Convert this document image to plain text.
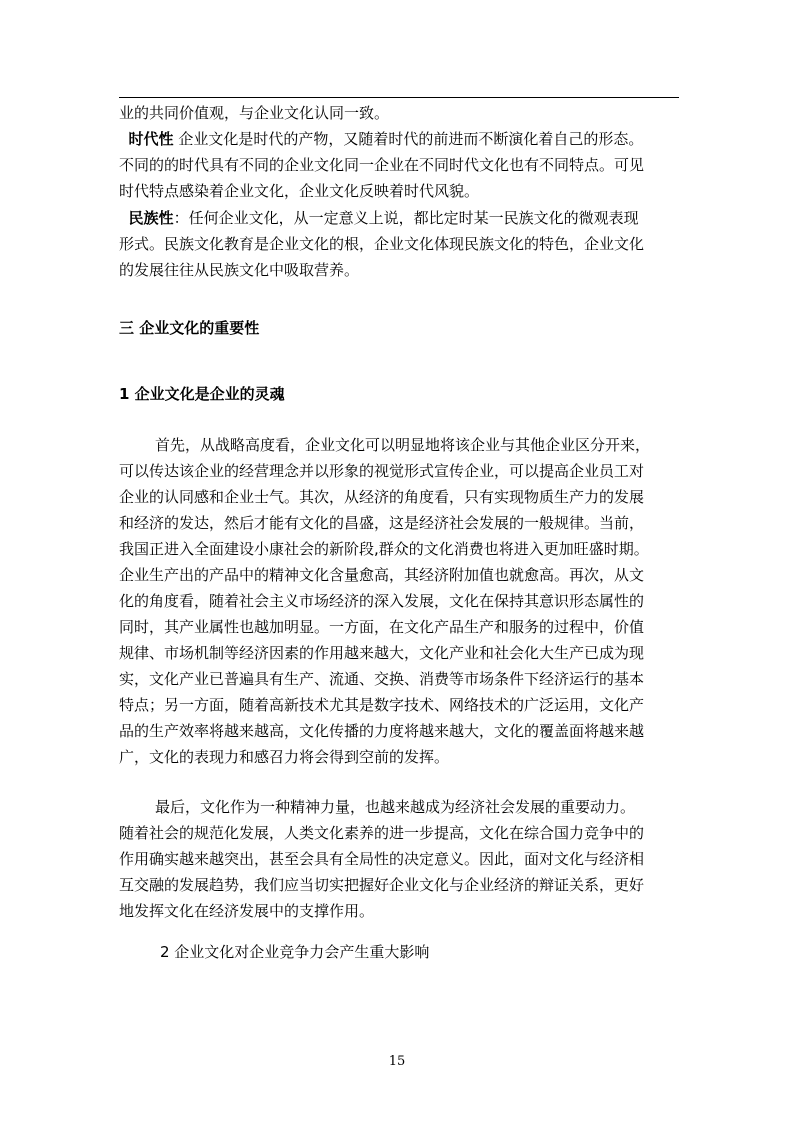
业的共同价值观，与企业文化认同一致。
时代性 企业文化是时代的产物，又随着时代的前进而不断演化着自己的形态。
不同的的时代具有不同的企业文化同一企业在不同时代文化也有不同特点。可见
时代特点感染着企业文化，企业文化反映着时代风貌。
民族性：任何企业文化，从一定意义上说，都比定时某一民族文化的微观表现
形式。民族文化教育是企业文化的根，企业文化体现民族文化的特色，企业文化
的发展往往从民族文化中吸取营养。
三 企业文化的重要性
1 企业文化是企业的灵魂
首先，从战略高度看，企业文化可以明显地将该企业与其他企业区分开来，
可以传达该企业的经营理念并以形象的视觉形式宣传企业，可以提高企业员工对
企业的认同感和企业士气。其次，从经济的角度看，只有实现物质生产力的发展
和经济的发达，然后才能有文化的昌盛，这是经济社会发展的一般规律。当前，
我国正进入全面建设小康社会的新阶段,群众的文化消费也将进入更加旺盛时期。
企业生产出的产品中的精神文化含量愈高，其经济附加值也就愈高。再次，从文
化的角度看，随着社会主义市场经济的深入发展，文化在保持其意识形态属性的
同时，其产业属性也越加明显。一方面，在文化产品生产和服务的过程中，价值
规律、市场机制等经济因素的作用越来越大，文化产业和社会化大生产已成为现
实，文化产业已普遍具有生产、流通、交换、消费等市场条件下经济运行的基本
特点；另一方面，随着高新技术尤其是数字技术、网络技术的广泛运用，文化产
品的生产效率将越来越高，文化传播的力度将越来越大，文化的覆盖面将越来越
广，文化的表现力和感召力将会得到空前的发挥。
最后，文化作为一种精神力量，也越来越成为经济社会发展的重要动力。
随着社会的规范化发展，人类文化素养的进一步提高，文化在综合国力竞争中的
作用确实越来越突出，甚至会具有全局性的决定意义。因此，面对文化与经济相
互交融的发展趋势，我们应当切实把握好企业文化与企业经济的辩证关系，更好
地发挥文化在经济发展中的支撑作用。
2 企业文化对企业竞争力会产生重大影响
15
